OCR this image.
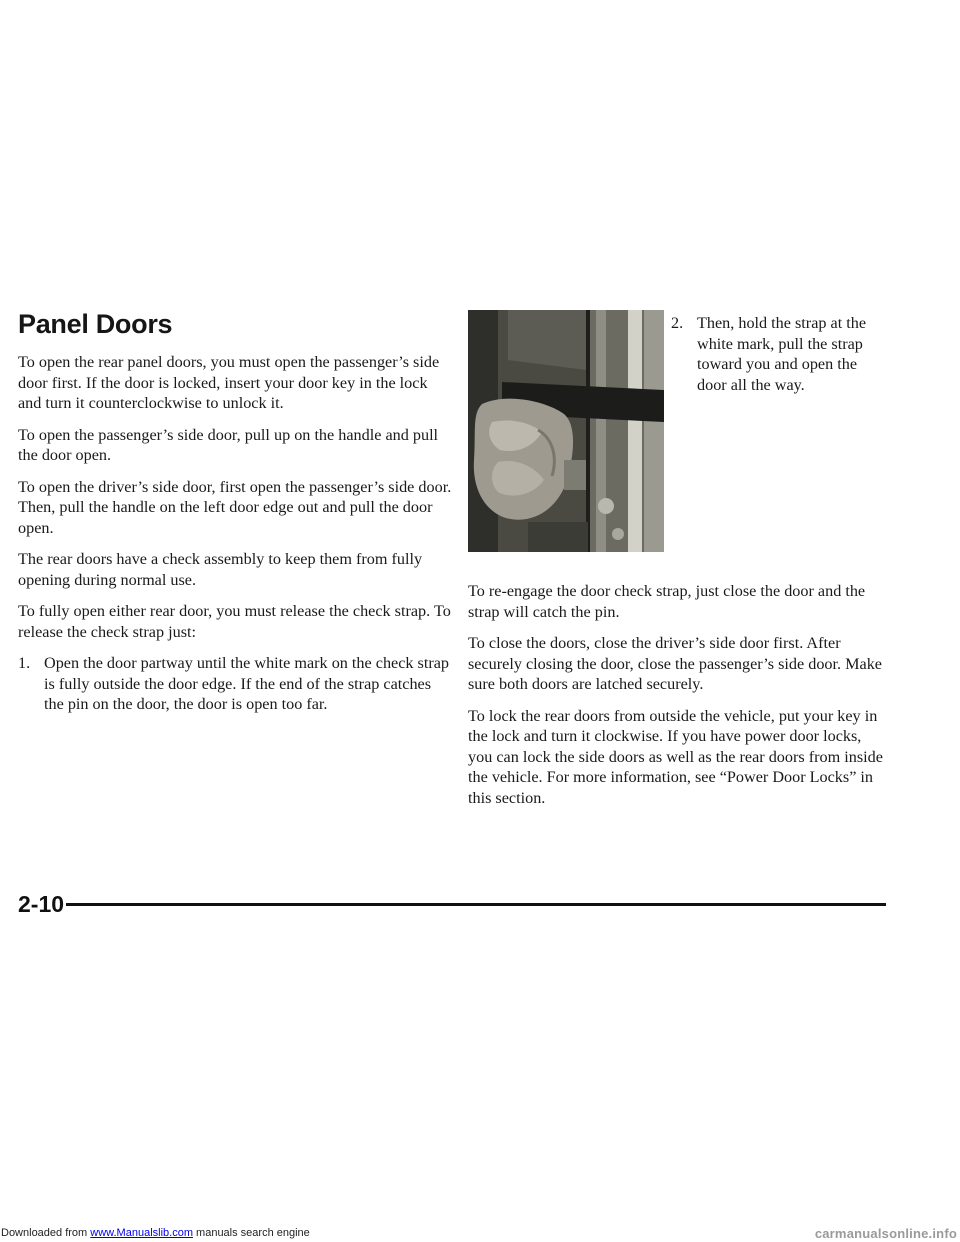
Panel Doors

To open the rear panel doors, you must open the passenger’s side door first. If the door is locked, insert your door key in the lock and turn it counterclockwise to unlock it.

To open the passenger’s side door, pull up on the handle and pull the door open.

To open the driver’s side door, first open the passenger’s side door. Then, pull the handle on the left door edge out and pull the door open.

The rear doors have a check assembly to keep them from fully opening during normal use.

To fully open either rear door, you must release the check strap. To release the check strap just:

1. Open the door partway until the white mark on the check strap is fully outside the door edge. If the end of the strap catches the pin on the door, the door is open too far.
2. Then, hold the strap at the white mark, pull the strap toward you and open the door all the way.

To re-engage the door check strap, just close the door and the strap will catch the pin.

To close the doors, close the driver’s side door first. After securely closing the door, close the passenger’s side door. Make sure both doors are latched securely.

To lock the rear doors from outside the vehicle, put your key in the lock and turn it clockwise. If you have power door locks, you can lock the side doors as well as the rear doors from inside the vehicle. For more information, see “Power Door Locks” in this section.

2-10
Downloaded from www.Manualslib.com manuals search engine	carmanualsonline.info
